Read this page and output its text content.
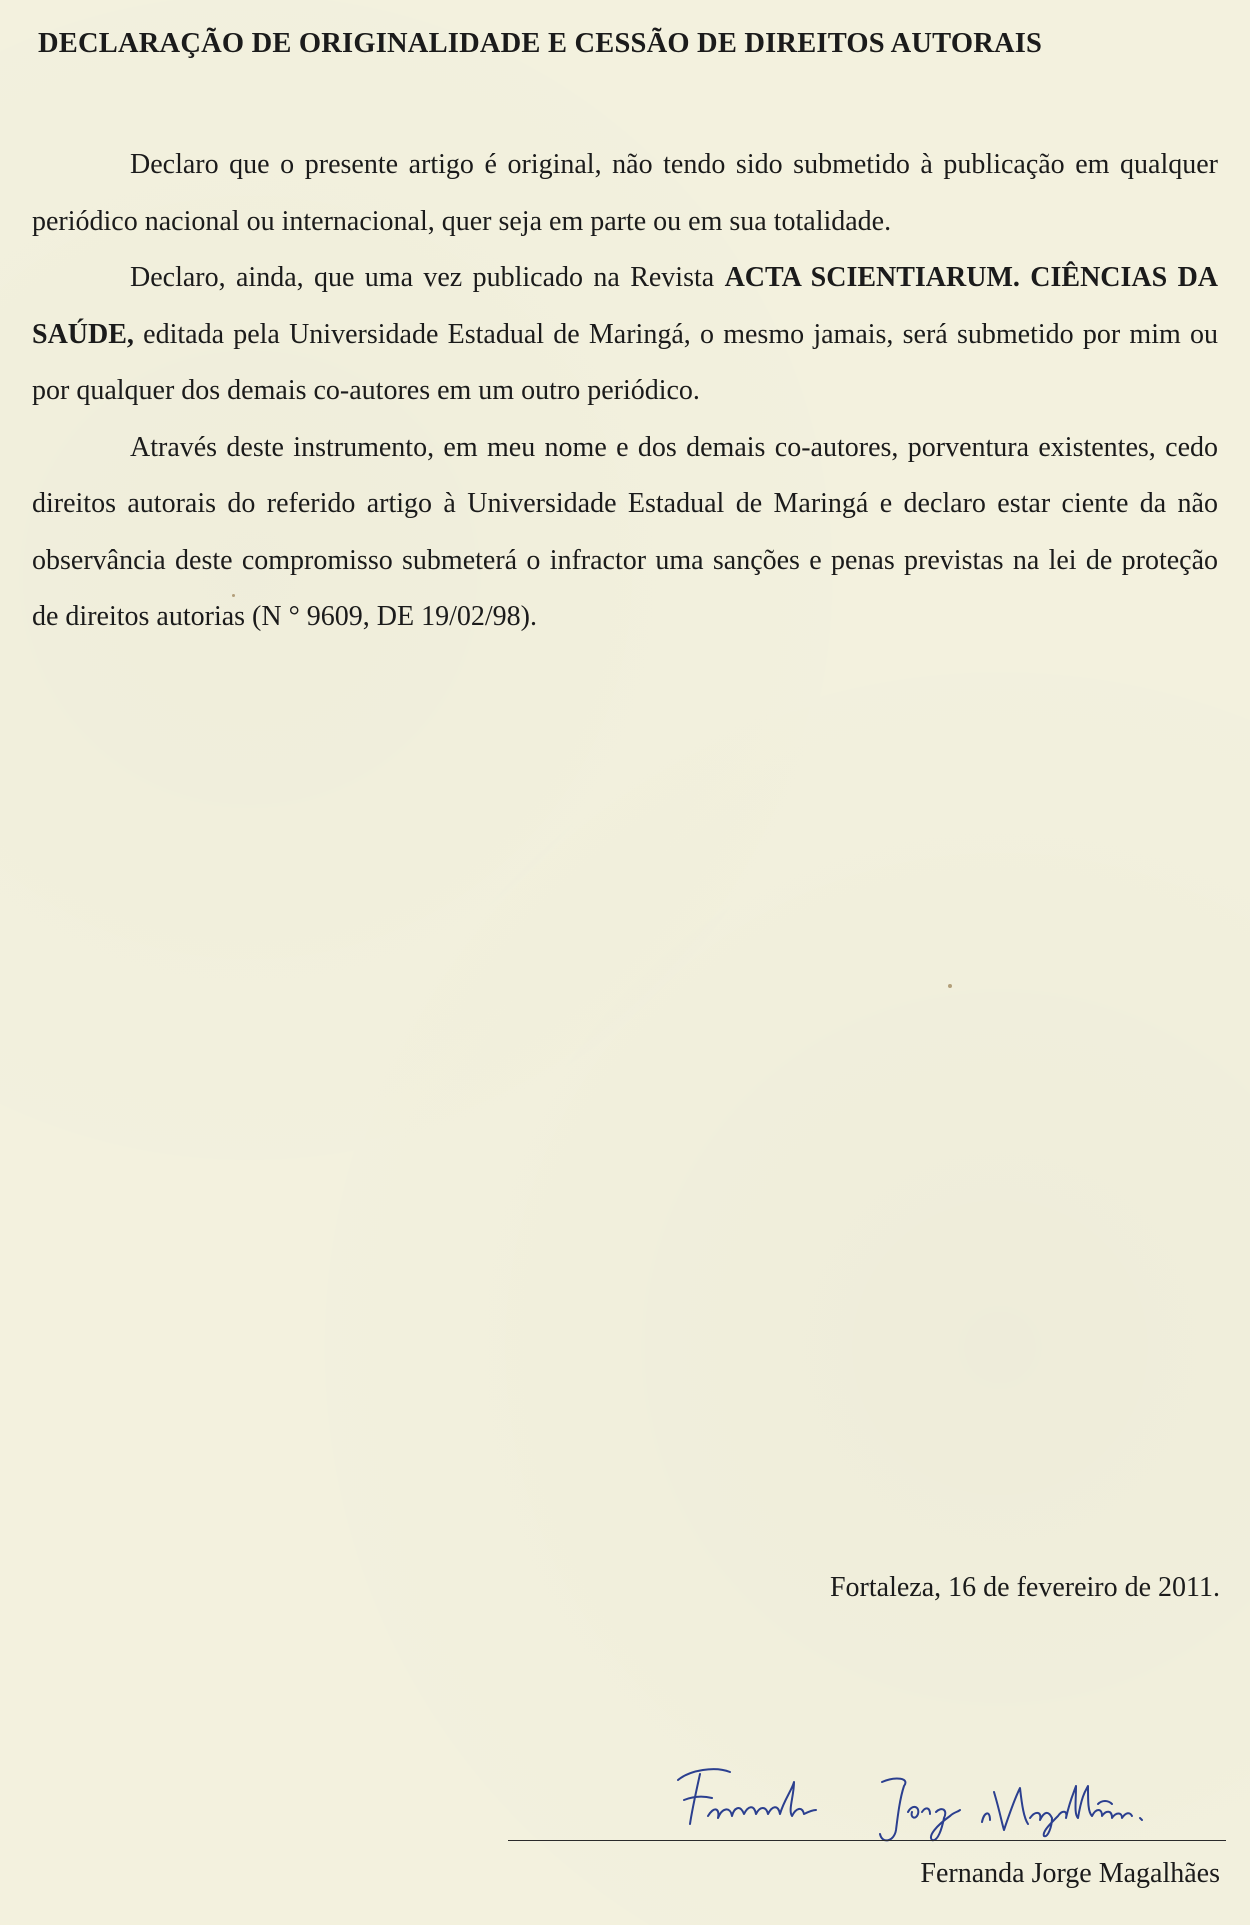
DECLARAÇÃO DE ORIGINALIDADE E CESSÃO DE DIREITOS AUTORAIS

Declaro que o presente artigo é original, não tendo sido submetido à publicação em qualquer periódico nacional ou internacional, quer seja em parte ou em sua totalidade.

Declaro, ainda, que uma vez publicado na Revista ACTA SCIENTIARUM. CIÊNCIAS DA SAÚDE, editada pela Universidade Estadual de Maringá, o mesmo jamais, será submetido por mim ou por qualquer dos demais co-autores em um outro periódico.

Através deste instrumento, em meu nome e dos demais co-autores, porventura existentes, cedo direitos autorais do referido artigo à Universidade Estadual de Maringá e declaro estar ciente da não observância deste compromisso submeterá o infractor uma sanções e penas previstas na lei de proteção de direitos autorias (N ° 9609, DE 19/02/98).

Fortaleza, 16 de fevereiro de 2011.
Fernanda Jorge Magalhães
